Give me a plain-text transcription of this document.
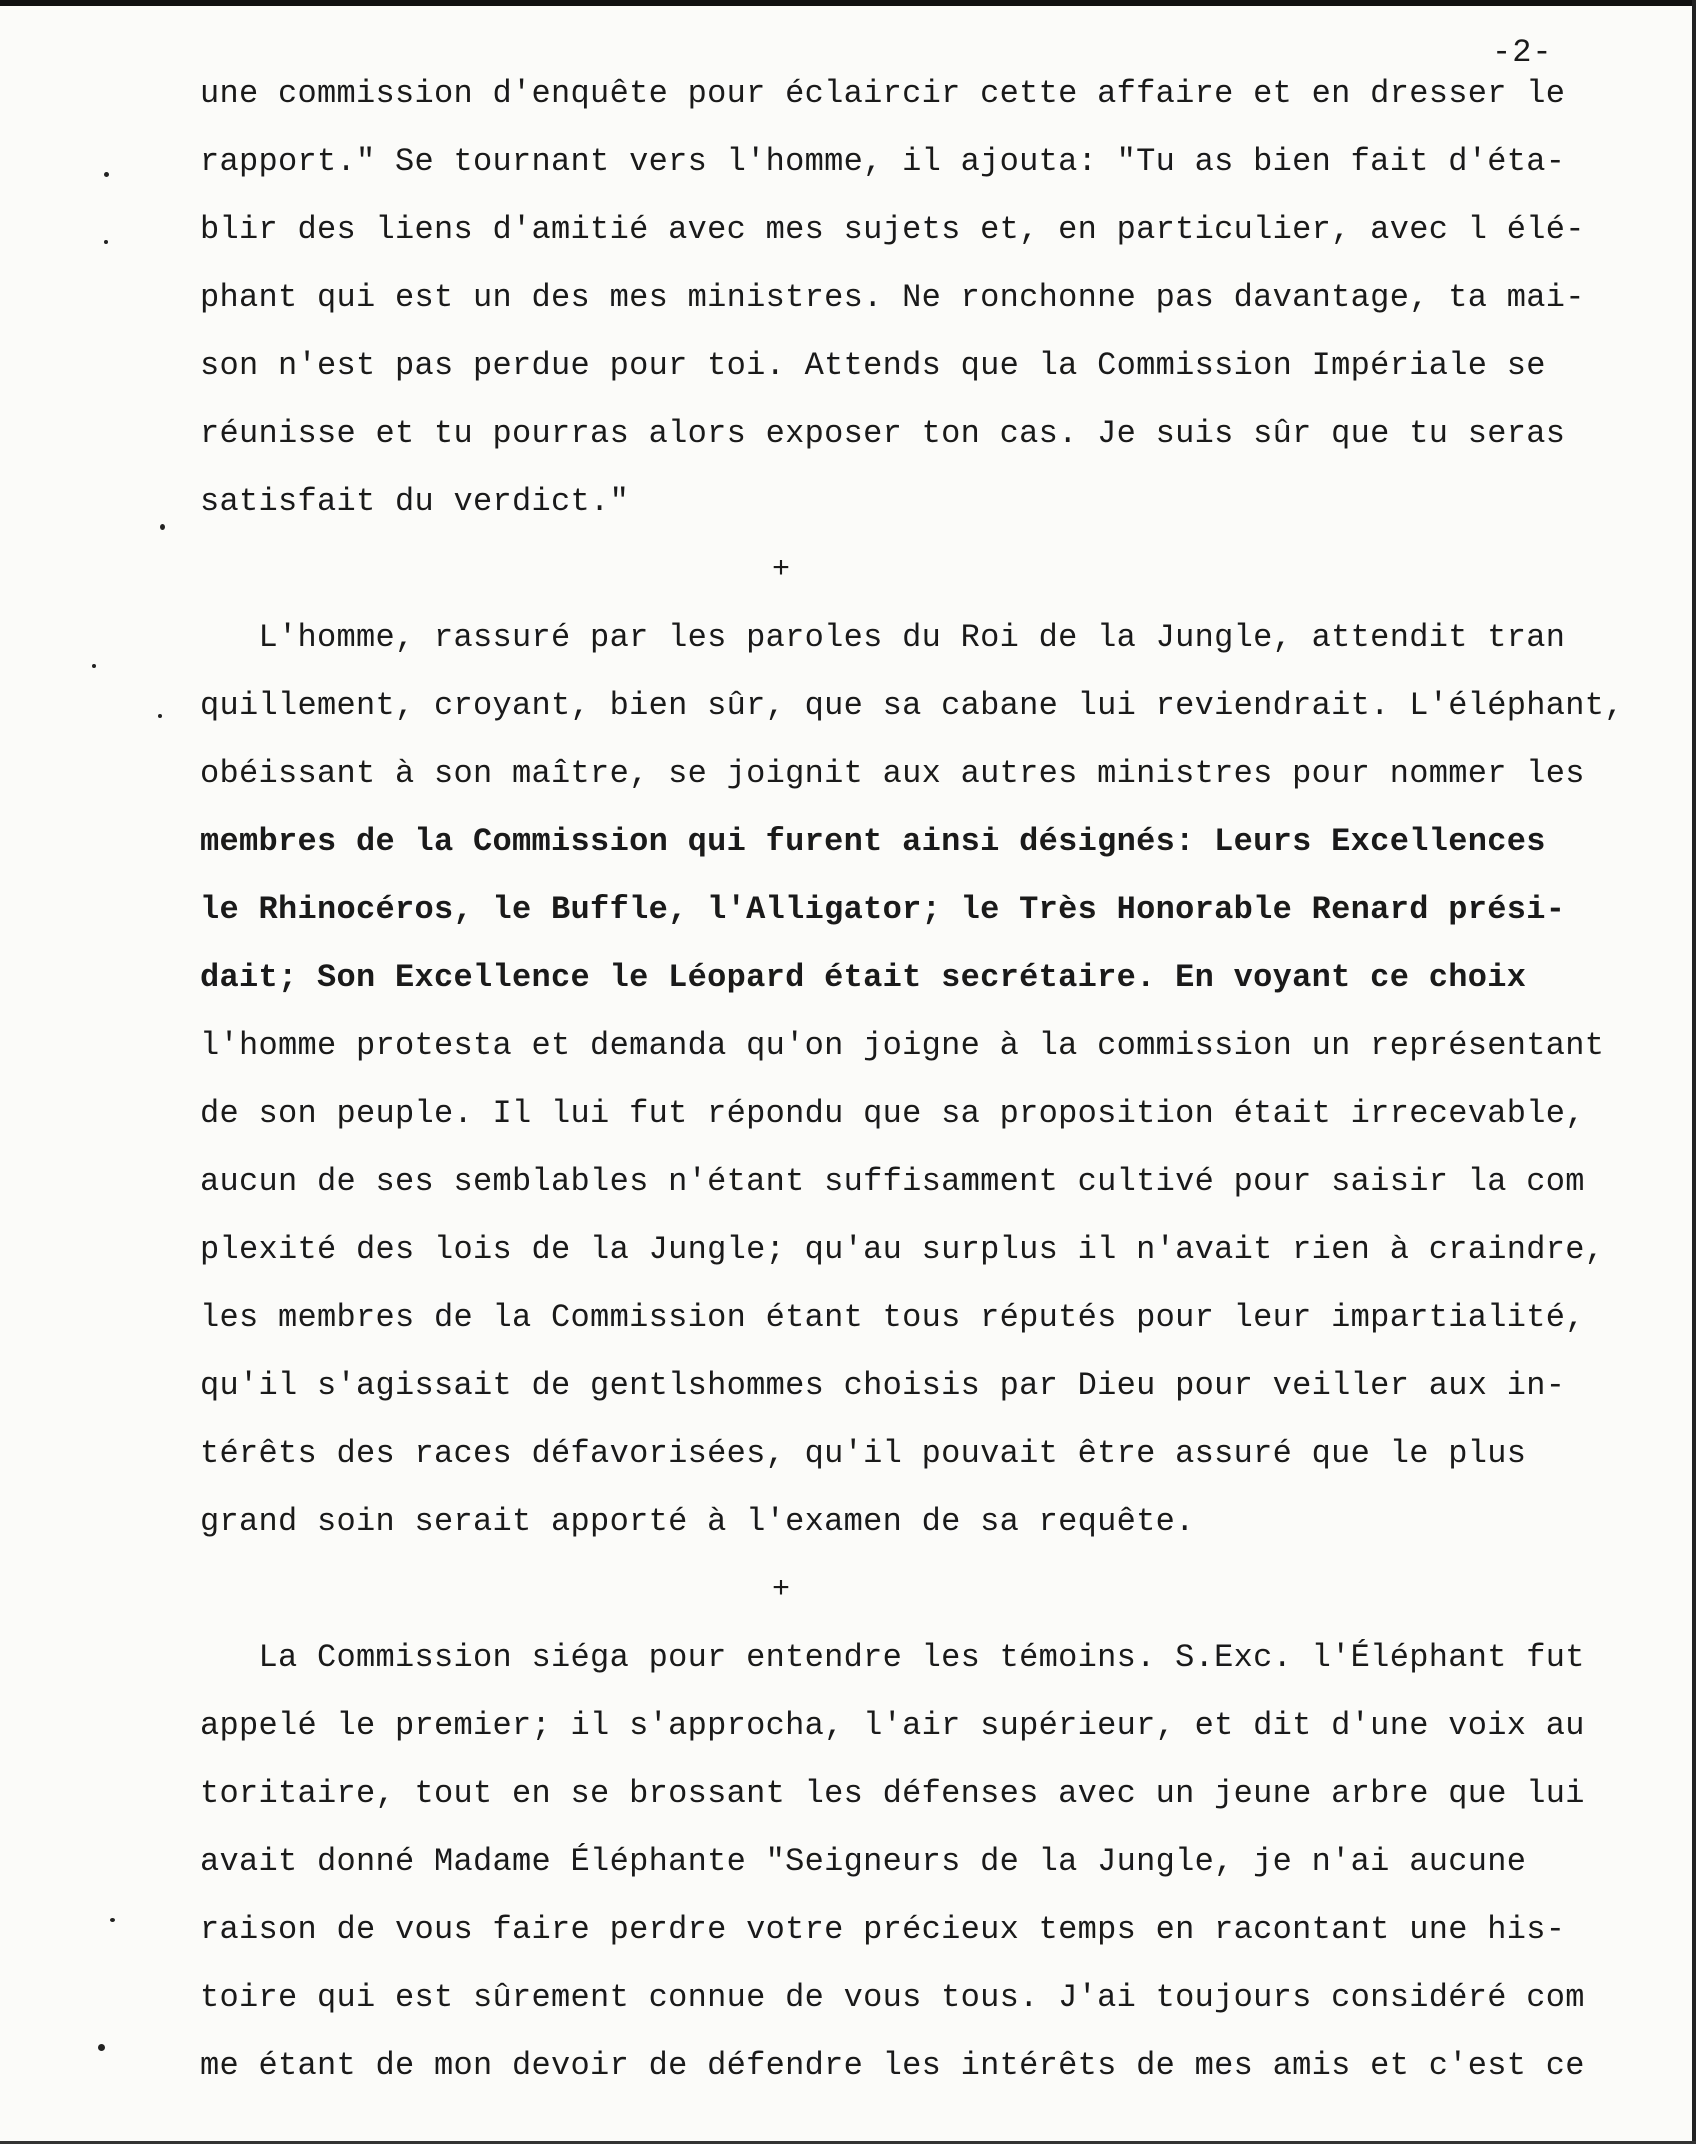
-2-
une commission d'enquête pour éclaircir cette affaire et en dresser le
rapport." Se tournant vers l'homme, il ajouta: "Tu as bien fait d'éta-
blir des liens d'amitié avec mes sujets et, en particulier, avec l élé-
phant qui est un des mes ministres. Ne ronchonne pas davantage, ta mai-
son n'est pas perdue pour toi. Attends que la Commission Impériale se
réunisse et tu pourras alors exposer ton cas. Je suis sûr que tu seras
satisfait du verdict."
+
L'homme, rassuré par les paroles du Roi de la Jungle, attendit tran
quillement, croyant, bien sûr, que sa cabane lui reviendrait. L'éléphant,
obéissant à son maître, se joignit aux autres ministres pour nommer les
membres de la Commission qui furent ainsi désignés: Leurs Excellences
le Rhinocéros, le Buffle, l'Alligator; le Très Honorable Renard prési-
dait; Son Excellence le Léopard était secrétaire. En voyant ce choix
l'homme protesta et demanda qu'on joigne à la commission un représentant
de son peuple. Il lui fut répondu que sa proposition était irrecevable,
aucun de ses semblables n'étant suffisamment cultivé pour saisir la com
plexité des lois de la Jungle; qu'au surplus il n'avait rien à craindre,
les membres de la Commission étant tous réputés pour leur impartialité,
qu'il s'agissait de gentlshommes choisis par Dieu pour veiller aux in-
térêts des races défavorisées, qu'il pouvait être assuré que le plus
grand soin serait apporté à l'examen de sa requête.
+
La Commission siéga pour entendre les témoins. S.Exc. l'Éléphant fut
appelé le premier; il s'approcha, l'air supérieur, et dit d'une voix au
toritaire, tout en se brossant les défenses avec un jeune arbre que lui
avait donné Madame Éléphante "Seigneurs de la Jungle, je n'ai aucune
raison de vous faire perdre votre précieux temps en racontant une his-
toire qui est sûrement connue de vous tous. J'ai toujours considéré com
me étant de mon devoir de défendre les intérêts de mes amis et c'est ce
